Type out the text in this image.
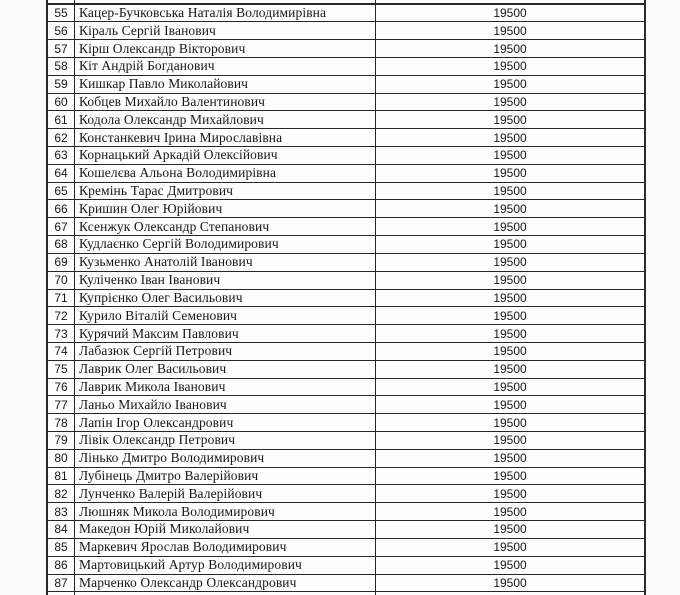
55 Кацер-Бучковська Наталія Володимирівна	19500
56 Кіраль Сергій Іванович	19500
57 Кірш Олександр Вікторович	19500
58 Кіт Андрій Богданович	19500
59 Кишкар Павло Миколайович	19500
60 Кобцев Михайло Валентинович	19500
61 Кодола Олександр Михайлович	19500
62 Констанкевич Ірина Мирославівна	19500
63 Корнацький Аркадій Олексійович	19500
64 Кошелєва Альона Володимирівна	19500
65 Кремінь Тарас Дмитрович	19500
66 Кришин Олег Юрійович	19500
67 Ксенжук Олександр Степанович	19500
68 Кудлаєнко Сергій Володимирович	19500
69 Кузьменко Анатолій Іванович	19500
70 Куліченко Іван Іванович	19500
71 Купрієнко Олег Васильович	19500
72 Курило Віталій Семенович	19500
73 Курячий Максим Павлович	19500
74 Лабазюк Сергій Петрович	19500
75 Лаврик Олег Васильович	19500
76 Лаврик Микола Іванович	19500
77 Ланьо Михайло Іванович	19500
78 Лапін Ігор Олександрович	19500
79 Лівік Олександр Петрович	19500
80 Лінько Дмитро Володимирович	19500
81 Лубінець Дмитро Валерійович	19500
82 Лунченко Валерій Валерійович	19500
83 Люшняк Микола Володимирович	19500
84 Македон Юрій Миколайович	19500
85 Маркевич Ярослав Володимирович	19500
86 Мартовицький Артур Володимирович	19500
87 Марченко Олександр Олександрович	19500
